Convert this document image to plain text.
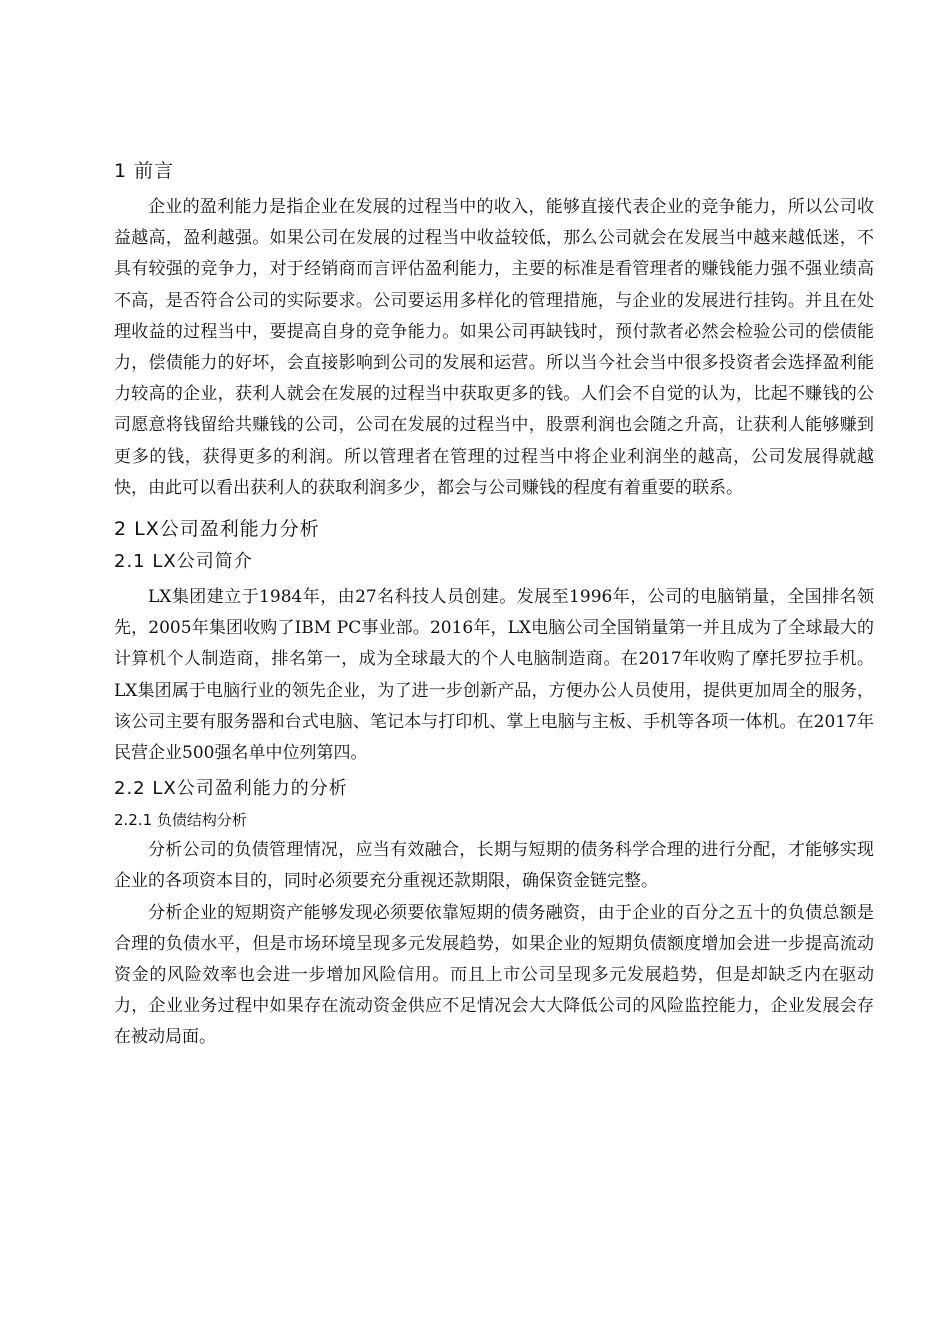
1 前言

企业的盈利能力是指企业在发展的过程当中的收入，能够直接代表企业的竞争能力，所以公司收益越高，盈利越强。如果公司在发展的过程当中收益较低，那么公司就会在发展当中越来越低迷，不具有较强的竞争力，对于经销商而言评估盈利能力，主要的标准是看管理者的赚钱能力强不强业绩高不高，是否符合公司的实际要求。公司要运用多样化的管理措施，与企业的发展进行挂钩。并且在处理收益的过程当中，要提高自身的竞争能力。如果公司再缺钱时，预付款者必然会检验公司的偿债能力，偿债能力的好坏，会直接影响到公司的发展和运营。所以当今社会当中很多投资者会选择盈利能力较高的企业，获利人就会在发展的过程当中获取更多的钱。人们会不自觉的认为，比起不赚钱的公司愿意将钱留给共赚钱的公司，公司在发展的过程当中，股票利润也会随之升高，让获利人能够赚到更多的钱，获得更多的利润。所以管理者在管理的过程当中将企业利润坐的越高，公司发展得就越快，由此可以看出获利人的获取利润多少，都会与公司赚钱的程度有着重要的联系。

2 LX公司盈利能力分析
2.1 LX公司简介

LX集团建立于1984年，由27名科技人员创建。发展至1996年，公司的电脑销量，全国排名领先，2005年集团收购了IBM PC事业部。2016年，LX电脑公司全国销量第一并且成为了全球最大的计算机个人制造商，排名第一，成为全球最大的个人电脑制造商。在2017年收购了摩托罗拉手机。LX集团属于电脑行业的领先企业，为了进一步创新产品，方便办公人员使用，提供更加周全的服务，该公司主要有服务器和台式电脑、笔记本与打印机、掌上电脑与主板、手机等各项一体机。在2017年民营企业500强名单中位列第四。

2.2 LX公司盈利能力的分析
2.2.1 负债结构分析

分析公司的负债管理情况，应当有效融合，长期与短期的债务科学合理的进行分配，才能够实现企业的各项资本目的，同时必须要充分重视还款期限，确保资金链完整。

分析企业的短期资产能够发现必须要依靠短期的债务融资，由于企业的百分之五十的负债总额是合理的负债水平，但是市场环境呈现多元发展趋势，如果企业的短期负债额度增加会进一步提高流动资金的风险效率也会进一步增加风险信用。而且上市公司呈现多元发展趋势，但是却缺乏内在驱动力，企业业务过程中如果存在流动资金供应不足情况会大大降低公司的风险监控能力，企业发展会存在被动局面。
